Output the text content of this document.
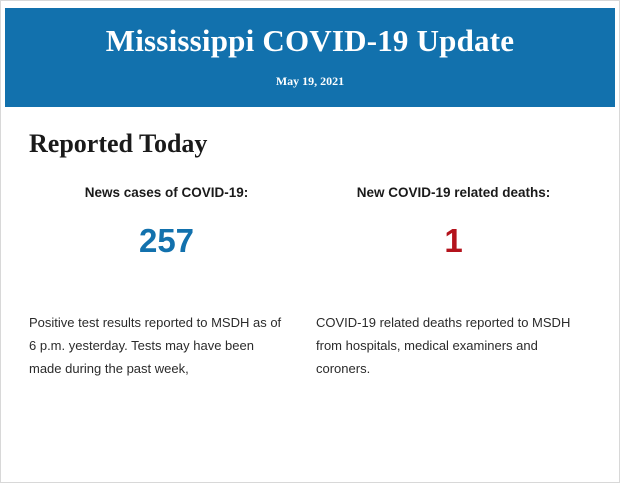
Mississippi COVID-19 Update
May 19, 2021
Reported Today
News cases of COVID-19:
257
New COVID-19 related deaths:
1
Positive test results reported to MSDH as of 6 p.m. yesterday. Tests may have been made during the past week,
COVID-19 related deaths reported to MSDH from hospitals, medical examiners and coroners.
